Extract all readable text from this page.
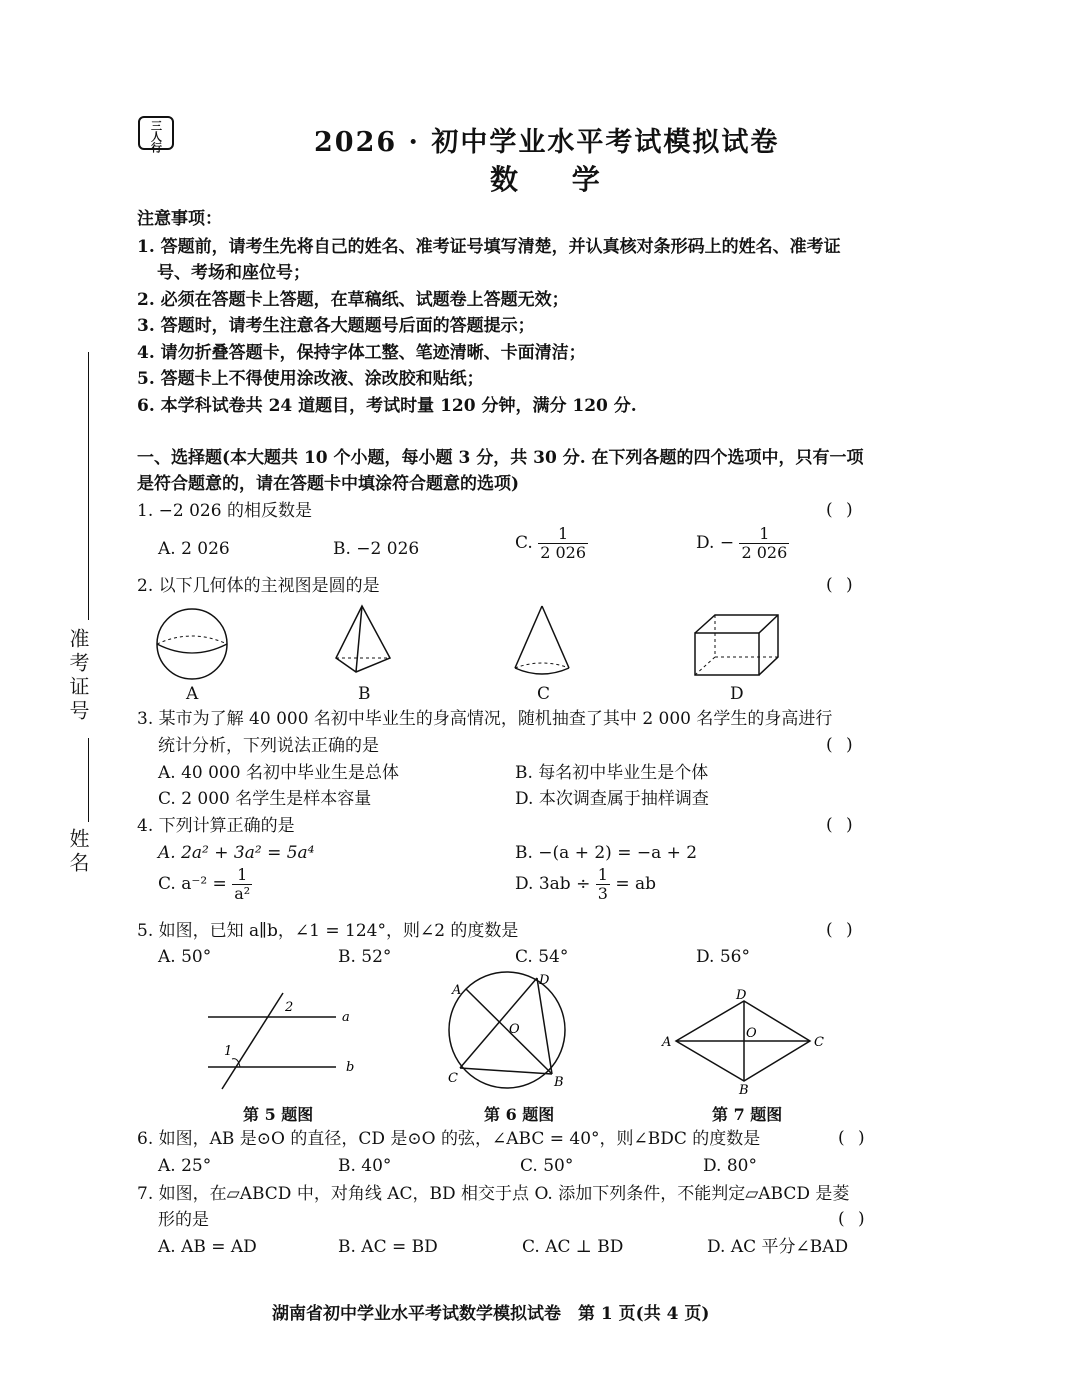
三人行	2026 · 初中学业水平考试模拟试卷
数 学
注意事项：
1. 答题前，请考生先将自己的姓名、准考证号填写清楚，并认真核对条形码上的姓名、准考证
号、考场和座位号；
2. 必须在答题卡上答题，在草稿纸、试题卷上答题无效；
3. 答题时，请考生注意各大题题号后面的答题提示；
4. 请勿折叠答题卡，保持字体工整、笔迹清晰、卡面清洁；
5. 答题卡上不得使用涂改液、涂改胶和贴纸；
6. 本学科试卷共 24 道题目，考试时量 120 分钟，满分 120 分.
准考证号
姓名
一、选择题(本大题共 10 个小题，每小题 3 分，共 30 分. 在下列各题的四个选项中，只有一项
是符合题意的，请在答题卡中填涂符合题意的选项)
1. −2 026 的相反数是	( )
A. 2 026	B. −2 026	C. $\frac{1}{2 026}$	D. − $\frac{1}{2 026}$
2. 以下几何体的主视图是圆的是	( )
A	B	C	D
3. 某市为了解 40 000 名初中毕业生的身高情况，随机抽查了其中 2 000 名学生的身高进行
统计分析，下列说法正确的是	( )
A. 40 000 名初中毕业生是总体	B. 每名初中毕业生是个体
C. 2 000 名学生是样本容量	D. 本次调查属于抽样调查
4. 下列计算正确的是	( )
A. 2a² + 3a² = 5a⁴	B. −(a + 2) = −a + 2
C. $a^{-2} = \frac{1}{\text{a²}}$	D. $3ab \div \frac{1}{3}$ = ab
5. 如图，已知 a∥b，∠1 = 124°，则∠2 的度数是	( )
A. 50°	B. 52°	C. 54°	D. 56°
2
a
1
b
第 5 题图
A
D
O
C	B
第 6 题图
D
A
O
C
B
第 7 题图
6. 如图，AB 是⊙O 的直径，CD 是⊙O 的弦，∠ABC = 40°，则∠BDC 的度数是	( )
A. 25°	B. 40°	C. 50°	D. 80°
7. 如图，在▱ABCD 中，对角线 AC，BD 相交于点 O. 添加下列条件，不能判定▱ABCD 是菱
形的是	( )
A. AB = AD	B. AC = BD	C. AC ⊥ BD	D. AC 平分∠BAD
湖南省初中学业水平考试数学模拟试卷　第 1 页(共 4 页)
